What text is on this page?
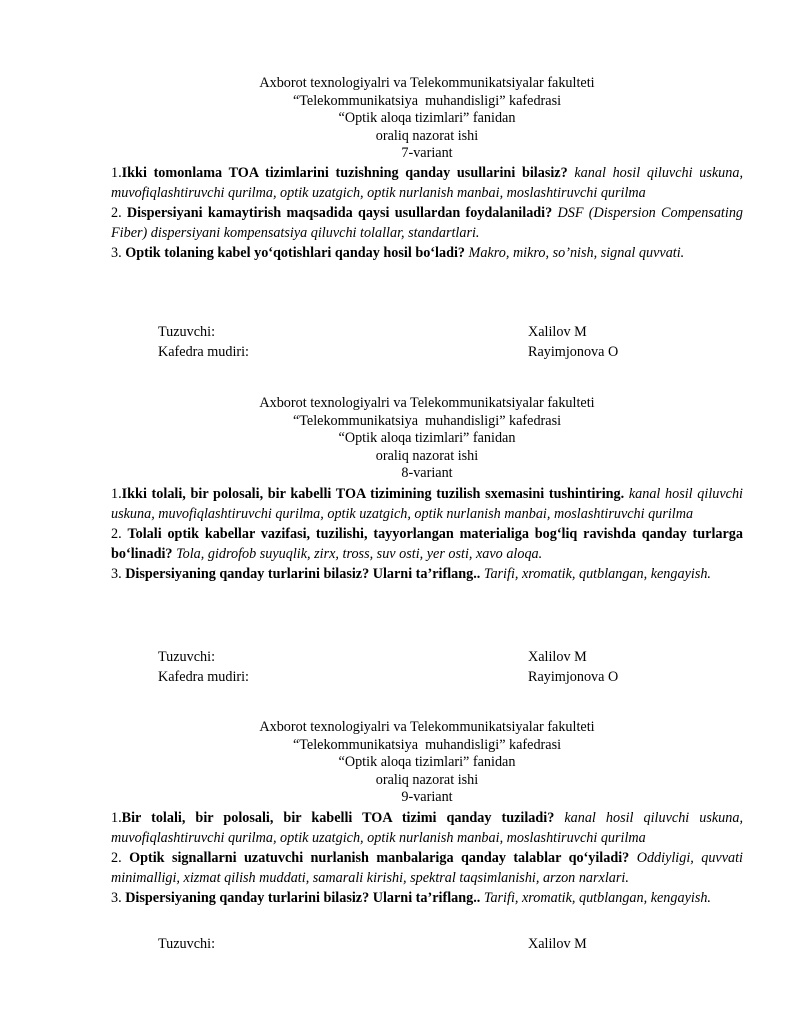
Axborot texnologiyalri va Telekommunikatsiyalar fakulteti
“Telekommunikatsiya  muhandisligi” kafedrasi
“Optik aloqa tizimlari” fanidan
oraliq nazorat ishi
7-variant
1.Ikki tomonlama TOA tizimlarini tuzishning qanday usullarini bilasiz? kanal hosil qiluvchi uskuna, muvofiqlashtiruvchi qurilma, optik uzatgich, optik nurlanish manbai, moslashtiruvchi qurilma
2. Dispersiyani kamaytirish maqsadida qaysi usullardan foydalaniladi? DSF (Dispersion Compensating Fiber) dispersiyani kompensatsiya qiluvchi tolallar, standartlari.
3. Optik tolaning kabel yo‘qotishlari qanday hosil bo‘ladi? Makro, mikro, so’nish, signal quvvati.
Tuzuvchi:	Xalilov M
Kafedra mudiri:	Rayimjonova O
Axborot texnologiyalri va Telekommunikatsiyalar fakulteti
“Telekommunikatsiya  muhandisligi” kafedrasi
“Optik aloqa tizimlari” fanidan
oraliq nazorat ishi
8-variant
1.Ikki tolali, bir polosali, bir kabelli TOA tizimining tuzilish sxemasini tushintiring. kanal hosil qiluvchi uskuna, muvofiqlashtiruvchi qurilma, optik uzatgich, optik nurlanish manbai, moslashtiruvchi qurilma
2. Tolali optik kabellar vazifasi, tuzilishi, tayyorlangan materialiga bog‘liq ravishda qanday turlarga bo‘linadi? Tola, gidrofob suyuqlik, zirx, tross, suv osti, yer osti, xavo aloqa.
3. Dispersiyaning qanday turlarini bilasiz? Ularni ta’riflang.. Tarifi, xromatik, qutblangan, kengayish.
Tuzuvchi:	Xalilov M
Kafedra mudiri:	Rayimjonova O
Axborot texnologiyalri va Telekommunikatsiyalar fakulteti
“Telekommunikatsiya  muhandisligi” kafedrasi
“Optik aloqa tizimlari” fanidan
oraliq nazorat ishi
9-variant
1.Bir tolali, bir polosali, bir kabelli TOA tizimi qanday tuziladi? kanal hosil qiluvchi uskuna, muvofiqlashtiruvchi qurilma, optik uzatgich, optik nurlanish manbai, moslashtiruvchi qurilma
2. Optik signallarni uzatuvchi nurlanish manbalariga qanday talablar qo‘yiladi? Oddiyligi, quvvati minimalligi, xizmat qilish muddati, samarali kirishi, spektral taqsimlanishi, arzon narxlari.
3. Dispersiyaning qanday turlarini bilasiz? Ularni ta’riflang.. Tarifi, xromatik, qutblangan, kengayish.
Tuzuvchi:	Xalilov M
